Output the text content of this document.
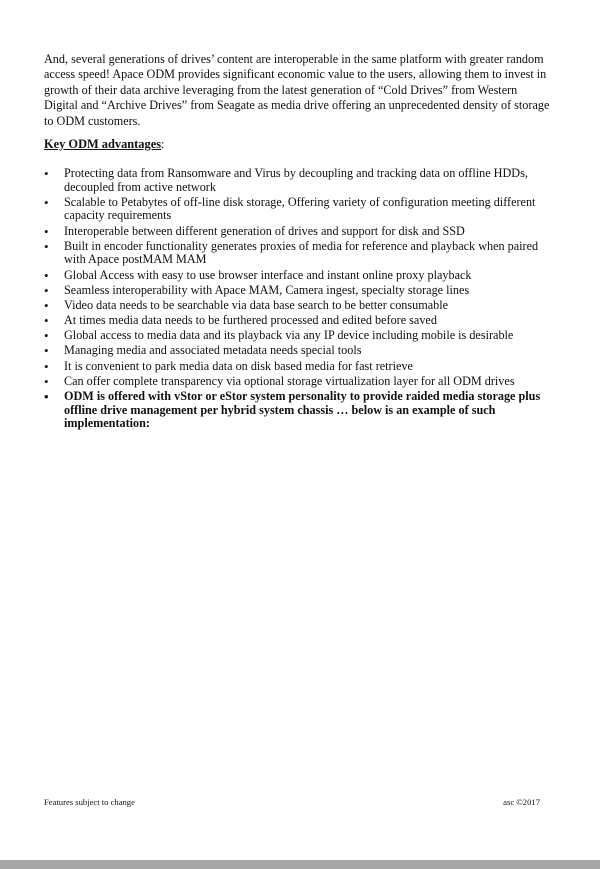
And, several generations of drives’ content are interoperable in the same platform with greater random access speed! Apace ODM provides significant economic value to the users, allowing them to invest in growth of their data archive leveraging from the latest generation of “Cold Drives” from Western Digital and “Archive Drives” from Seagate as media drive offering an unprecedented density of storage to ODM customers.

Key ODM advantages:

• Protecting data from Ransomware and Virus by decoupling and tracking data on offline HDDs, decoupled from active network
• Scalable to Petabytes of off-line disk storage, Offering variety of configuration meeting different capacity requirements
• Interoperable between different generation of drives and support for disk and SSD
• Built in encoder functionality generates proxies of media for reference and playback when paired with Apace postMAM MAM
• Global Access with easy to use browser interface and instant online proxy playback
• Seamless interoperability with Apace MAM, Camera ingest, specialty storage lines
• Video data needs to be searchable via data base search to be better consumable
• At times media data needs to be furthered processed and edited before saved
• Global access to media data and its playback via any IP device including mobile is desirable
• Managing media and associated metadata needs special tools
• It is convenient to park media data on disk based media for fast retrieve
• Can offer complete transparency via optional storage virtualization layer for all ODM drives
• ODM is offered with vStor or eStor system personality to provide raided media storage plus offline drive management per hybrid system chassis … below is an example of such implementation:
Features subject to change	asc ©2017
